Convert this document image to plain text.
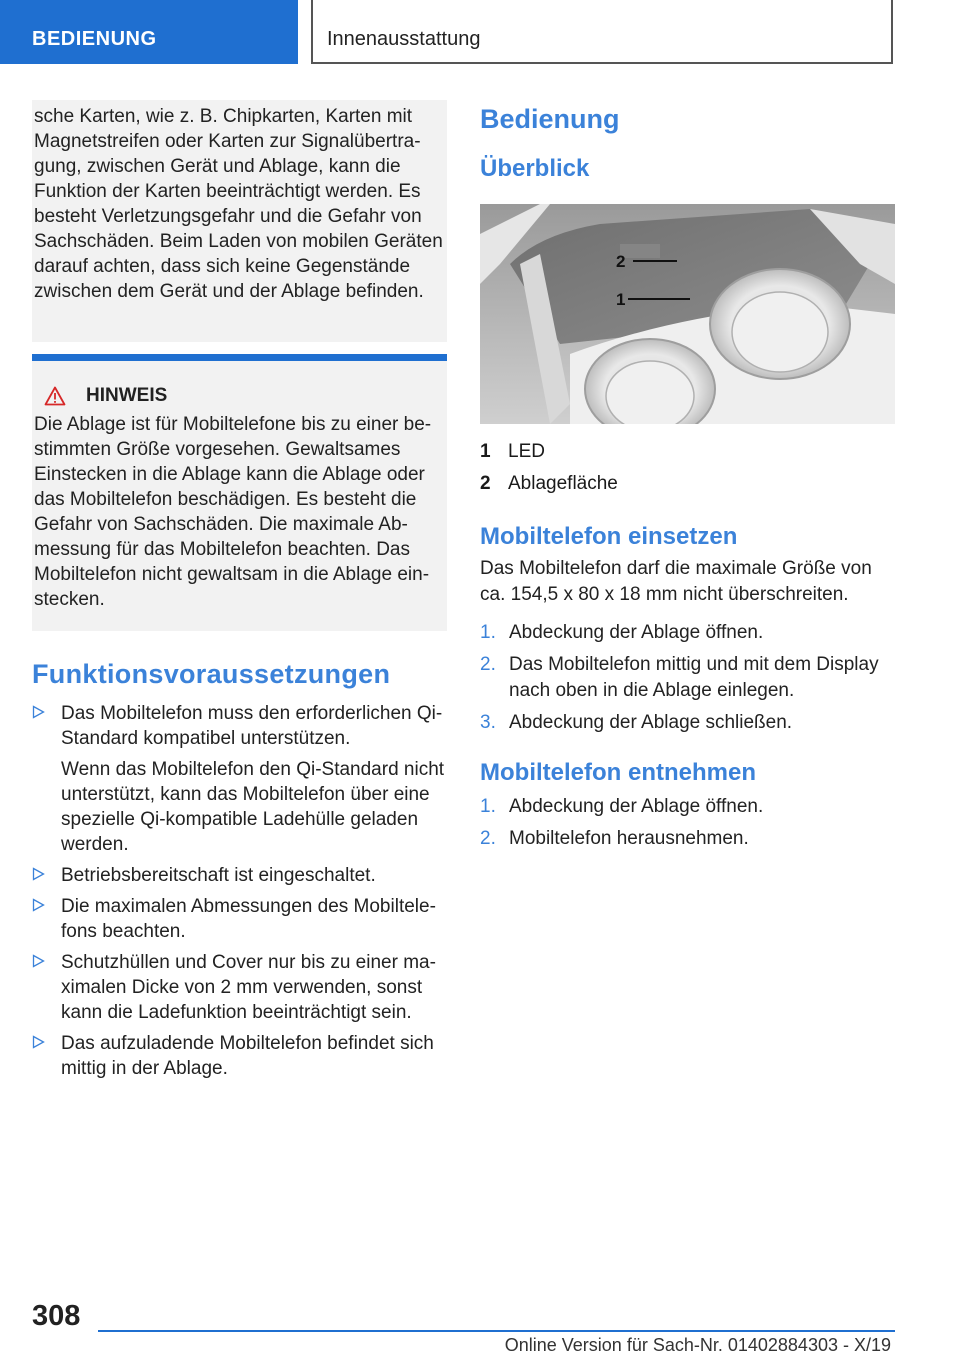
BEDIENUNG	Innenausstattung

sche Karten, wie z. B. Chipkarten, Karten mit Magnetstreifen oder Karten zur Signalübertragung, zwischen Gerät und Ablage, kann die Funktion der Karten beeinträchtigt werden. Es besteht Verletzungsgefahr und die Gefahr von Sachschäden. Beim Laden von mobilen Geräten darauf achten, dass sich keine Gegenstände zwischen dem Gerät und der Ablage befinden.

HINWEIS

Die Ablage ist für Mobiltelefone bis zu einer bestimmten Größe vorgesehen. Gewaltsames Einstecken in die Ablage kann die Ablage oder das Mobiltelefon beschädigen. Es besteht die Gefahr von Sachschäden. Die maximale Abmessung für das Mobiltelefon beachten. Das Mobiltelefon nicht gewaltsam in die Ablage einstecken.

Funktionsvoraussetzungen
Das Mobiltelefon muss den erforderlichen Qi-Standard kompatibel unterstützen.

Wenn das Mobiltelefon den Qi-Standard nicht unterstützt, kann das Mobiltelefon über eine spezielle Qi-kompatible Ladehülle geladen werden.

Betriebsbereitschaft ist eingeschaltet.
Die maximalen Abmessungen des Mobiltelefons beachten.
Schutzhüllen und Cover nur bis zu einer maximalen Dicke von 2 mm verwenden, sonst kann die Ladefunktion beeinträchtigt sein.
Das aufzuladende Mobiltelefon befindet sich mittig in der Ablage.
Bedienung
Überblick
2
1
1 LED
2 Ablagefläche
Mobiltelefon einsetzen

Das Mobiltelefon darf die maximale Größe von ca. 154,5 x 80 x 18 mm nicht überschreiten.

1. Abdeckung der Ablage öffnen.
2. Das Mobiltelefon mittig und mit dem Display nach oben in die Ablage einlegen.
3. Abdeckung der Ablage schließen.
Mobiltelefon entnehmen
1. Abdeckung der Ablage öffnen.
2. Mobiltelefon herausnehmen.
308
Online Version für Sach-Nr. 01402884303 - X/19
